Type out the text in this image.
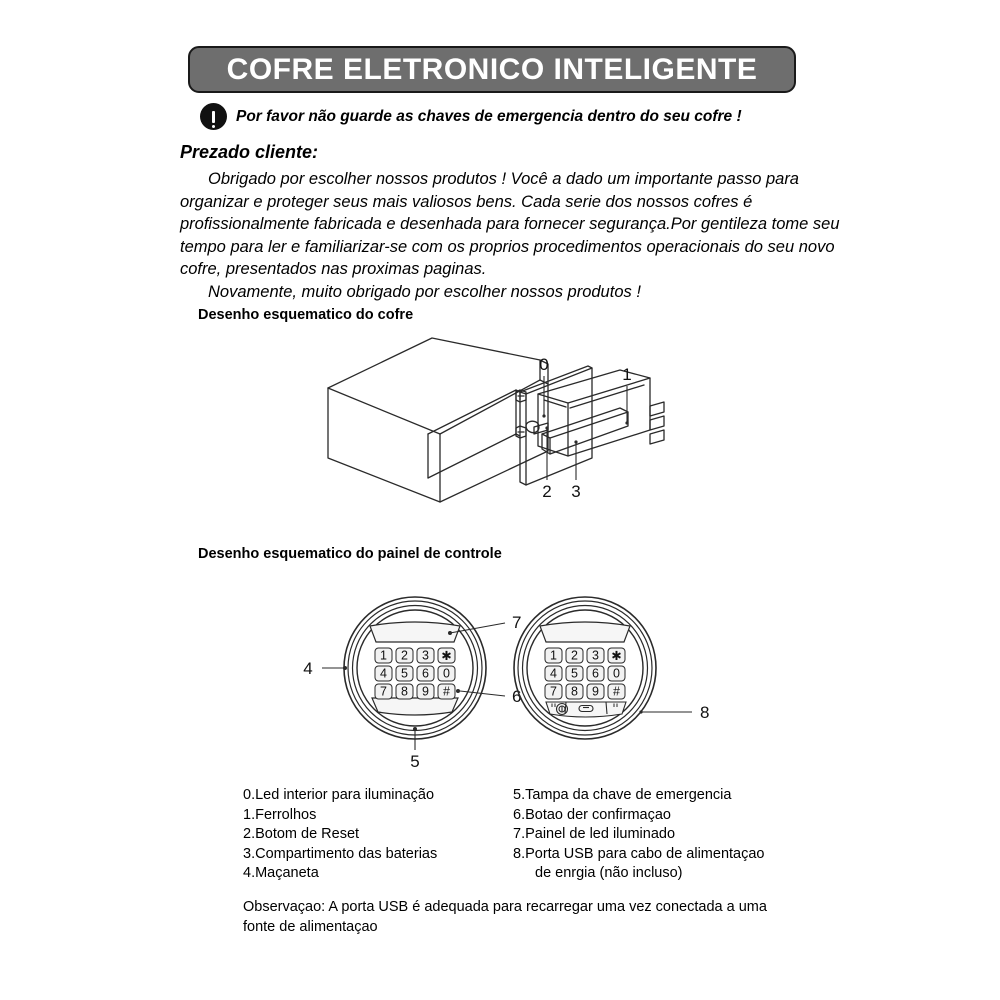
COFRE ELETRONICO INTELIGENTE
Por favor não guarde as chaves de emergencia dentro do seu cofre !
Prezado cliente:

Obrigado por escolher nossos produtos ! Você a dado um importante passo para organizar e proteger seus mais valiosos bens. Cada serie dos nossos cofres é profissionalmente fabricada e desenhada para fornecer segurança.Por gentileza tome seu tempo para ler e familiarizar-se com os proprios procedimentos operacionais do seu novo cofre, presentados nas proximas paginas.

Novamente, muito obrigado por escolher nossos produtos !

Desenho esquematico do cofre
0
1
2 3
Desenho esquematico do painel de controle
1 2 3 ✱
4 5 6 0
7 8 9 #
4
7
6
5
1 2 3 ✱
4 5 6 0
7 8 9 #
8
0.Led interior para iluminação
1.Ferrolhos
2.Botom de Reset
3.Compartimento das baterias
4.Maçaneta
5.Tampa da chave de emergencia
6.Botao der confirmaçao
7.Painel de led iluminado
8.Porta USB para cabo de alimentaçao
de enrgia (não incluso)
Observaçao: A porta USB é adequada para recarregar uma vez conectada a uma fonte de alimentaçao
